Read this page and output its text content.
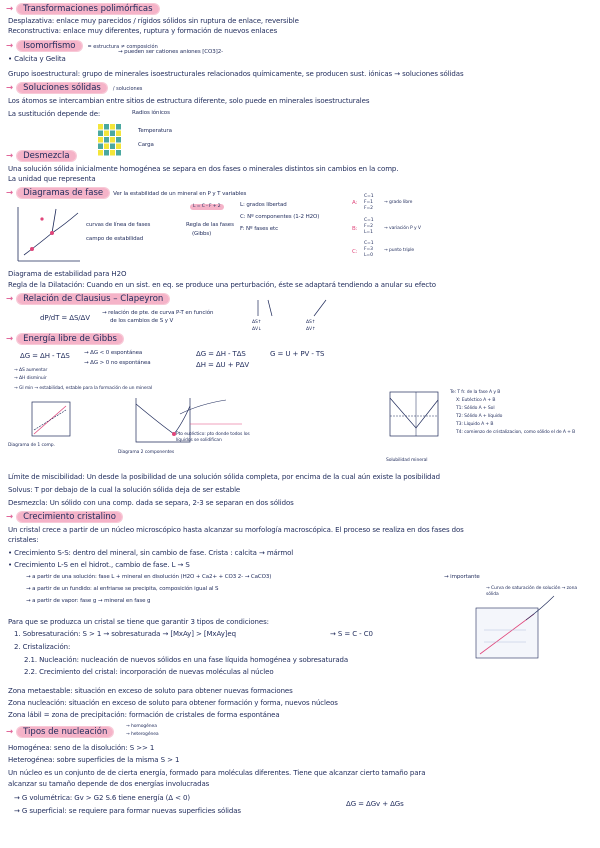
→ Transformaciones polimórficas
Desplazativa: enlace muy parecidos / rígidos sólidos sin ruptura de enlace, reversible
Reconstructiva: enlace muy diferentes, ruptura y formación de nuevos enlaces
→ Isomorfismo = estructura ≠ composición
• Calcita y Gelita
→ pueden ser cationes aniones [CO3]2-
Grupo isoestructural: grupo de minerales isoestructurales relacionados químicamente, se producen sust. iónicas → soluciones sólidas
→ Soluciones sólidas / soluciones
Los átomos se intercambian entre sitios de estructura diferente, solo puede en minerales isoestructurales
La sustitución depende de:	Radios iónicos
Temperatura
Carga
→ Desmezcla
Una solución sólida inicialmente homogénea se separa en dos fases o minerales distintos sin cambios en la comp.
La unidad que representa
→ Diagramas de fase Ver la estabilidad de un mineral en P y T variables
curvas de línea de fases
campo de estabilidad
L = C - F + 2
Regla de las fases
(Gibbs)
L: grados libertad
C: Nº componentes (1-2 H2O)
F: Nº fases etc
A:
C=1
F=1
F=2
→ grado libre
B:
C=1
F=2
L=1
→ variación P y V
C:
C=1
F=3
L=0
→ punto triple
Diagrama de estabilidad para H2O
Regla de la Dilatación: Cuando en un sist. en eq. se produce una perturbación, éste se adaptará tendiendo a anular su efecto
→ Relación de Clausius – Clapeyron
dP/dT = ΔS/ΔV
→ relación de pte. de curva P-T en función
de los cambios de S y V	ΔS↑
ΔV↓
ΔS↑
ΔV↑
→ Energía libre de Gibbs
ΔG = ΔH - TΔS	→ ΔG < 0 espontánea
→ ΔG > 0 no espontánea
→ ΔS aumentar
→ ΔH disminuir
→ Gl min → estabilidad, estable para la formación de un mineral
ΔG = ΔH - TΔS
ΔH = ΔU + PΔV
G = U + PV - TS
Diagrama de 1 comp.
Pto eutéctico: pto donde todos los
líquidos se solidifican
Diagrama 2 componentes
Solubilidad mineral
Te: T fr. de la fase A y B
X: Eutéctico A + B
T1: Sólido A + Sol
T2: Sólido A + líquido
T3: Líquido A + B
T4: comienzo de cristalizacion, como sólido el de A + B
Límite de miscibilidad: Un desde la posibilidad de una solución sólida completa, por encima de la cual aún existe la posibilidad
Solvus: T por debajo de la cual la solución sólida deja de ser estable
Desmezcla: Un sólido con una comp. dada se separa, 2-3 se separan en dos sólidos
→ Crecimiento cristalino
Un cristal crece a partir de un núcleo microscópico hasta alcanzar su morfología macroscópica. El proceso se realiza en dos fases dos
cristales:
• Crecimiento S-S: dentro del mineral, sin cambio de fase. Crista : calcita → mármol
• Crecimiento L-S en el hidrot., cambio de fase. L → S
→ a partir de una solución: fase L + mineral en disolución (H2O + Ca2+ + CO3 2- → CaCO3)	→ importante
→ a partir de un fundido: al enfriarse se precipita, composición igual al S
→ a partir de vapor: fase g → mineral en fase g
→ Curva de saturación de solución → zona sólida
Para que se produzca un cristal se tiene que garantir 3 tipos de condiciones:
1. Sobresaturación: S > 1 → sobresaturada → [MxAy] > [MxAy]eq	→ S = C - C0
2. Cristalización:
2.1. Nucleación: nucleación de nuevos sólidos en una fase líquida homogénea y sobresaturada
2.2. Crecimiento del cristal: incorporación de nuevas moléculas al núcleo
Zona metaestable: situación en exceso de soluto para obtener nuevas formaciones
Zona nucleación: situación en exceso de soluto para obtener formación y forma, nuevos núcleos
Zona lábil = zona de precipitación: formación de cristales de forma espontánea
→ Tipos de nucleación
→ homogénea
→ heterogénea
Homogénea: seno de la disolución: S >> 1
Heterogénea: sobre superficies de la misma S > 1
Un núcleo es un conjunto de de cierta energía, formado para moléculas diferentes. Tiene que alcanzar cierto tamaño para
alcanzar su tamaño depende de dos energías involucradas
→ G volumétrica: Gv > G2 S.6 tiene energía (Δ < 0)
→ G superficial: se requiere para formar nuevas superficies sólidas
ΔG = ΔGv + ΔGs
